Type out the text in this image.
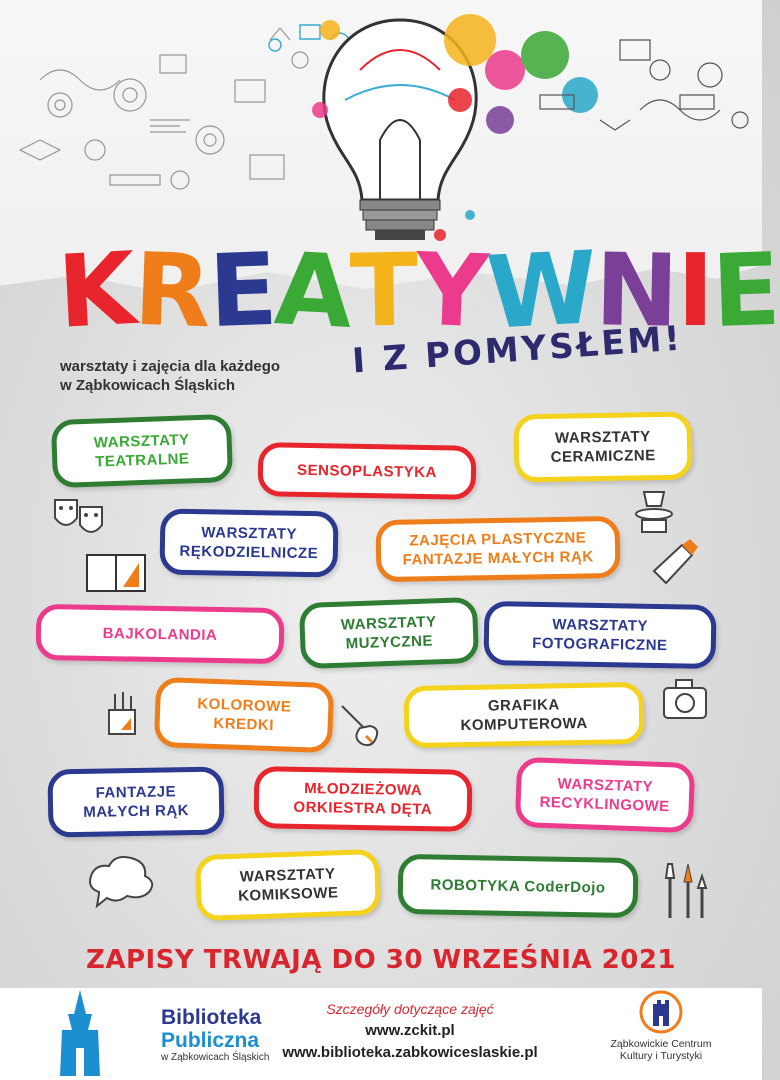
KREATYWNIE
I Z POMYSŁEM!
warsztaty i zajęcia dla każdego
w Ząbkowicach Śląskich
WARSZTATY
TEATRALNE
SENSOPLASTYKA
WARSZTATY
CERAMICZNE
WARSZTATY
RĘKODZIELNICZE
ZAJĘCIA PLASTYCZNE
FANTAZJE MAŁYCH RĄK
BAJKOLANDIA
WARSZTATY
MUZYCZNE
WARSZTATY
FOTOGRAFICZNE
KOLOROWE
KREDKI
GRAFIKA
KOMPUTEROWA
FANTAZJE
MAŁYCH RĄK
MŁODZIEŻOWA
ORKIESTRA DĘTA
WARSZTATY
RECYKLINGOWE
WARSZTATY
KOMIKSOWE	ROBOTYKA CoderDojo
ZAPISY TRWAJĄ DO 30 WRZEŚNIA 2021
Biblioteka
Publiczna
w Ząbkowicach Śląskich
Szczegóły dotyczące zajęć
www.zckit.pl
www.biblioteka.zabkowiceslaskie.pl	Ząbkowickie Centrum
Kultury i Turystyki
